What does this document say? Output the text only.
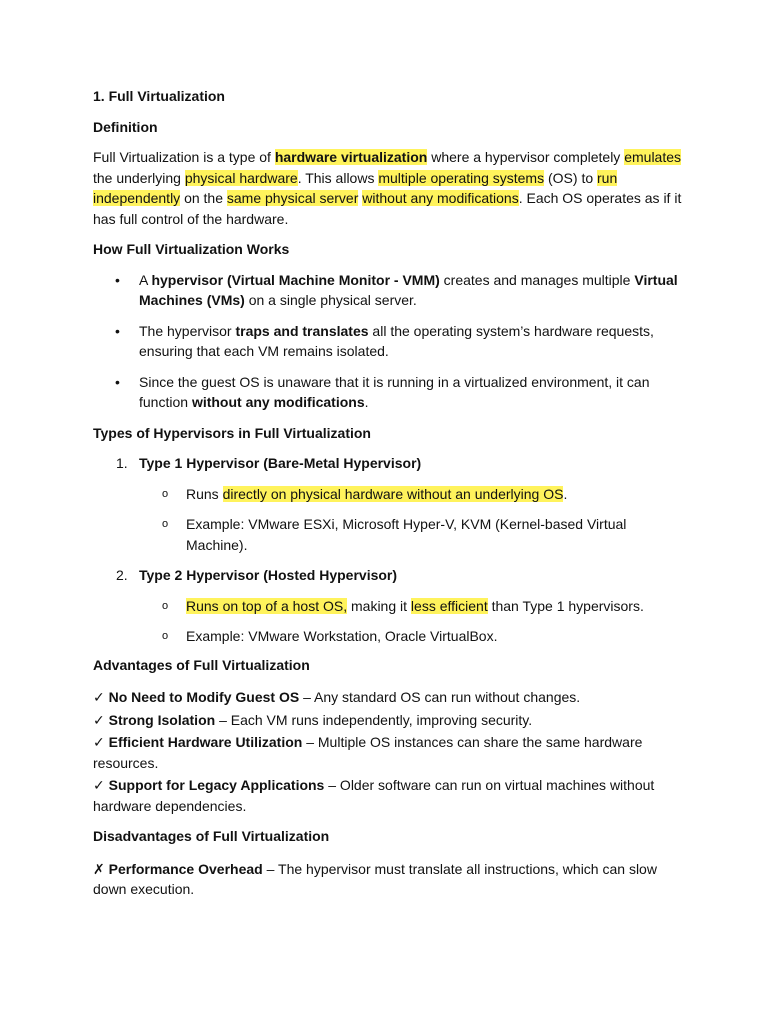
1. Full Virtualization

Definition

Full Virtualization is a type of hardware virtualization where a hypervisor completely emulates the underlying physical hardware. This allows multiple operating systems (OS) to run independently on the same physical server without any modifications. Each OS operates as if it has full control of the hardware.

How Full Virtualization Works

• A hypervisor (Virtual Machine Monitor - VMM) creates and manages multiple Virtual Machines (VMs) on a single physical server.
• The hypervisor traps and translates all the operating system’s hardware requests, ensuring that each VM remains isolated.
• Since the guest OS is unaware that it is running in a virtualized environment, it can function without any modifications.

Types of Hypervisors in Full Virtualization

1. Type 1 Hypervisor (Bare-Metal Hypervisor)
o Runs directly on physical hardware without an underlying OS.
o Example: VMware ESXi, Microsoft Hyper-V, KVM (Kernel-based Virtual Machine).
2. Type 2 Hypervisor (Hosted Hypervisor)
o Runs on top of a host OS, making it less efficient than Type 1 hypervisors.
o Example: VMware Workstation, Oracle VirtualBox.

Advantages of Full Virtualization

✓ No Need to Modify Guest OS – Any standard OS can run without changes.

✓ Strong Isolation – Each VM runs independently, improving security.

✓ Efficient Hardware Utilization – Multiple OS instances can share the same hardware resources.

✓ Support for Legacy Applications – Older software can run on virtual machines without hardware dependencies.

Disadvantages of Full Virtualization

✗ Performance Overhead – The hypervisor must translate all instructions, which can slow down execution.
